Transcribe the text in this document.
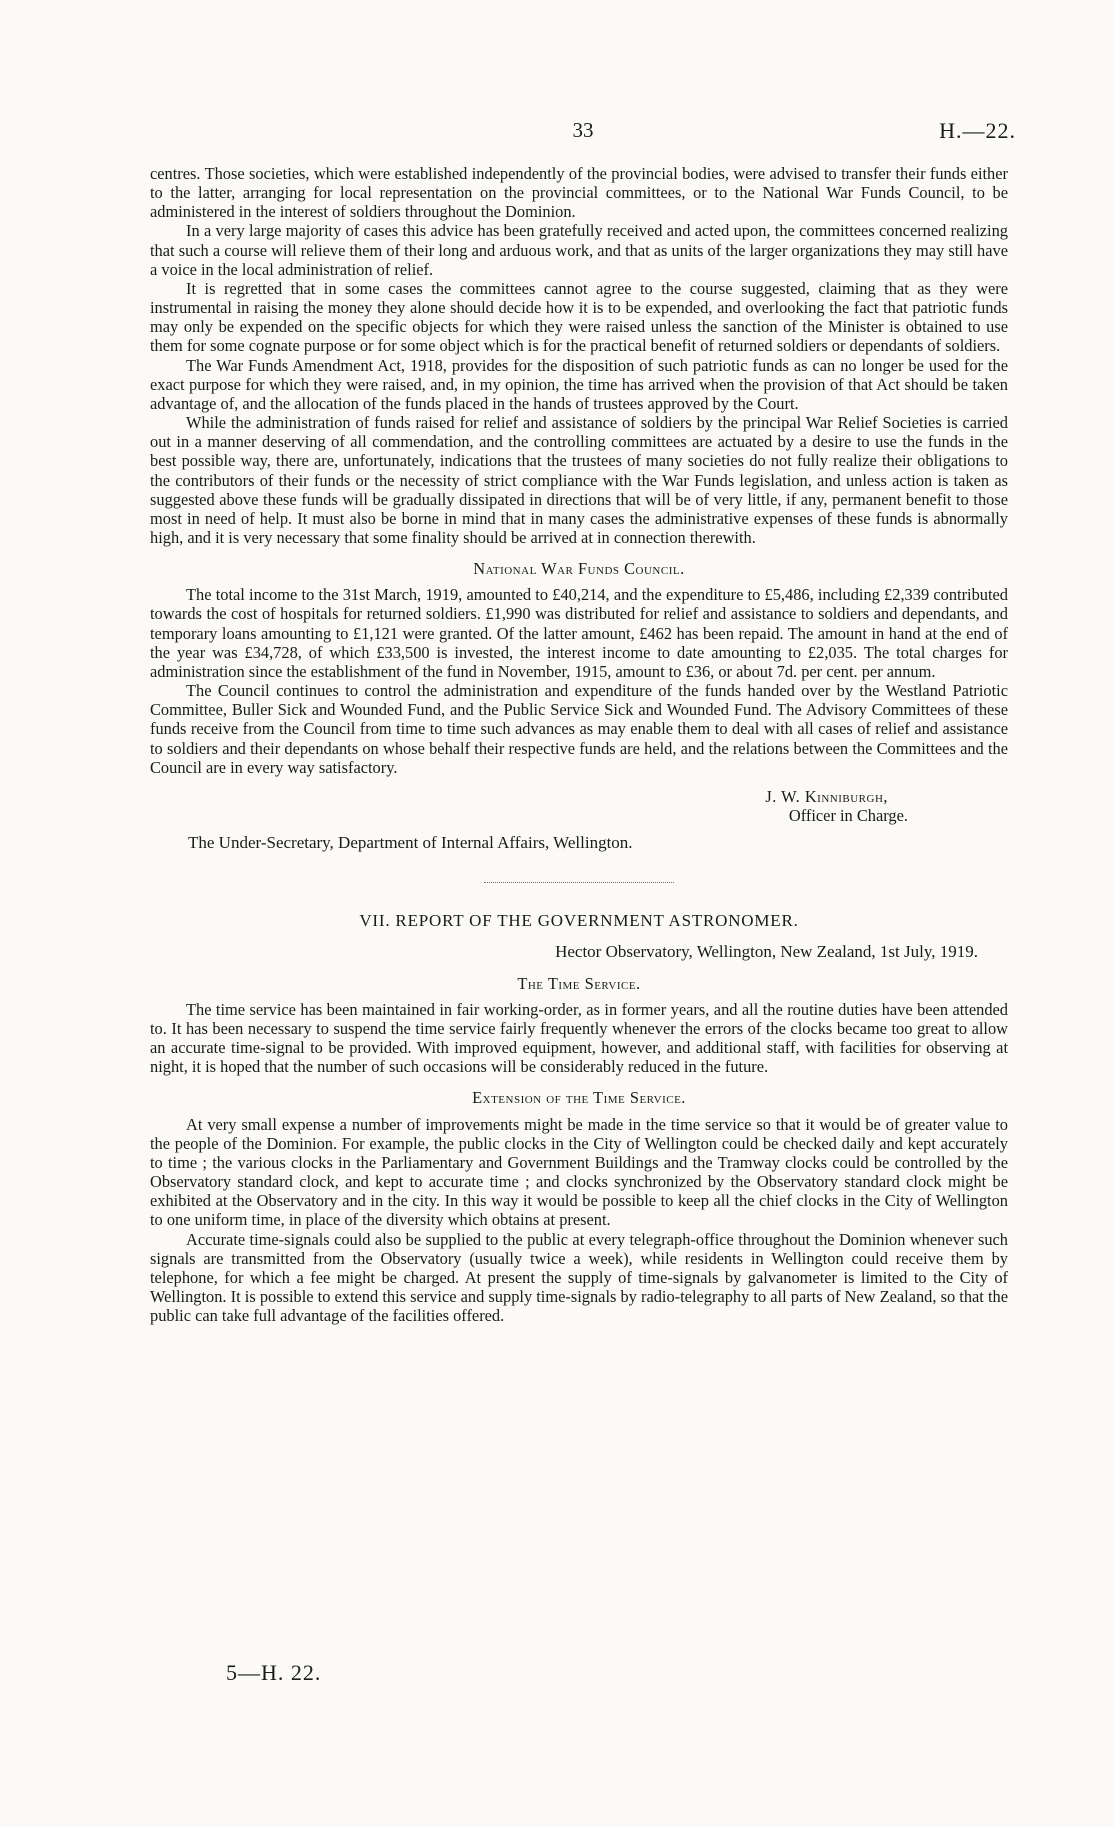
33	H.—22.

centres. Those societies, which were established independently of the provincial bodies, were advised to transfer their funds either to the latter, arranging for local representation on the provincial committees, or to the National War Funds Council, to be administered in the interest of soldiers throughout the Dominion.

In a very large majority of cases this advice has been gratefully received and acted upon, the committees concerned realizing that such a course will relieve them of their long and arduous work, and that as units of the larger organizations they may still have a voice in the local administration of relief.

It is regretted that in some cases the committees cannot agree to the course suggested, claiming that as they were instrumental in raising the money they alone should decide how it is to be expended, and overlooking the fact that patriotic funds may only be expended on the specific objects for which they were raised unless the sanction of the Minister is obtained to use them for some cognate purpose or for some object which is for the practical benefit of returned soldiers or dependants of soldiers.

The War Funds Amendment Act, 1918, provides for the disposition of such patriotic funds as can no longer be used for the exact purpose for which they were raised, and, in my opinion, the time has arrived when the provision of that Act should be taken advantage of, and the allocation of the funds placed in the hands of trustees approved by the Court.

While the administration of funds raised for relief and assistance of soldiers by the principal War Relief Societies is carried out in a manner deserving of all commendation, and the controlling committees are actuated by a desire to use the funds in the best possible way, there are, unfortunately, indications that the trustees of many societies do not fully realize their obligations to the contributors of their funds or the necessity of strict compliance with the War Funds legislation, and unless action is taken as suggested above these funds will be gradually dissipated in directions that will be of very little, if any, permanent benefit to those most in need of help. It must also be borne in mind that in many cases the administrative expenses of these funds is abnormally high, and it is very necessary that some finality should be arrived at in connection therewith.

National War Funds Council.

The total income to the 31st March, 1919, amounted to £40,214, and the expenditure to £5,486, including £2,339 contributed towards the cost of hospitals for returned soldiers. £1,990 was distributed for relief and assistance to soldiers and dependants, and temporary loans amounting to £1,121 were granted. Of the latter amount, £462 has been repaid. The amount in hand at the end of the year was £34,728, of which £33,500 is invested, the interest income to date amounting to £2,035. The total charges for administration since the establishment of the fund in November, 1915, amount to £36, or about 7d. per cent. per annum.

The Council continues to control the administration and expenditure of the funds handed over by the Westland Patriotic Committee, Buller Sick and Wounded Fund, and the Public Service Sick and Wounded Fund. The Advisory Committees of these funds receive from the Council from time to time such advances as may enable them to deal with all cases of relief and assistance to soldiers and their dependants on whose behalf their respective funds are held, and the relations between the Committees and the Council are in every way satisfactory.

J. W. Kinniburgh,
Officer in Charge.
The Under-Secretary, Department of Internal Affairs, Wellington.
VII. REPORT OF THE GOVERNMENT ASTRONOMER.
Hector Observatory, Wellington, New Zealand, 1st July, 1919.
The Time Service.

The time service has been maintained in fair working-order, as in former years, and all the routine duties have been attended to. It has been necessary to suspend the time service fairly frequently whenever the errors of the clocks became too great to allow an accurate time-signal to be provided. With improved equipment, however, and additional staff, with facilities for observing at night, it is hoped that the number of such occasions will be considerably reduced in the future.

Extension of the Time Service.

At very small expense a number of improvements might be made in the time service so that it would be of greater value to the people of the Dominion. For example, the public clocks in the City of Wellington could be checked daily and kept accurately to time ; the various clocks in the Parliamentary and Government Buildings and the Tramway clocks could be controlled by the Observatory standard clock, and kept to accurate time ; and clocks synchronized by the Observatory standard clock might be exhibited at the Observatory and in the city. In this way it would be possible to keep all the chief clocks in the City of Wellington to one uniform time, in place of the diversity which obtains at present.

Accurate time-signals could also be supplied to the public at every telegraph-office throughout the Dominion whenever such signals are transmitted from the Observatory (usually twice a week), while residents in Wellington could receive them by telephone, for which a fee might be charged. At present the supply of time-signals by galvanometer is limited to the City of Wellington. It is possible to extend this service and supply time-signals by radio-telegraphy to all parts of New Zealand, so that the public can take full advantage of the facilities offered.

5—H. 22.
